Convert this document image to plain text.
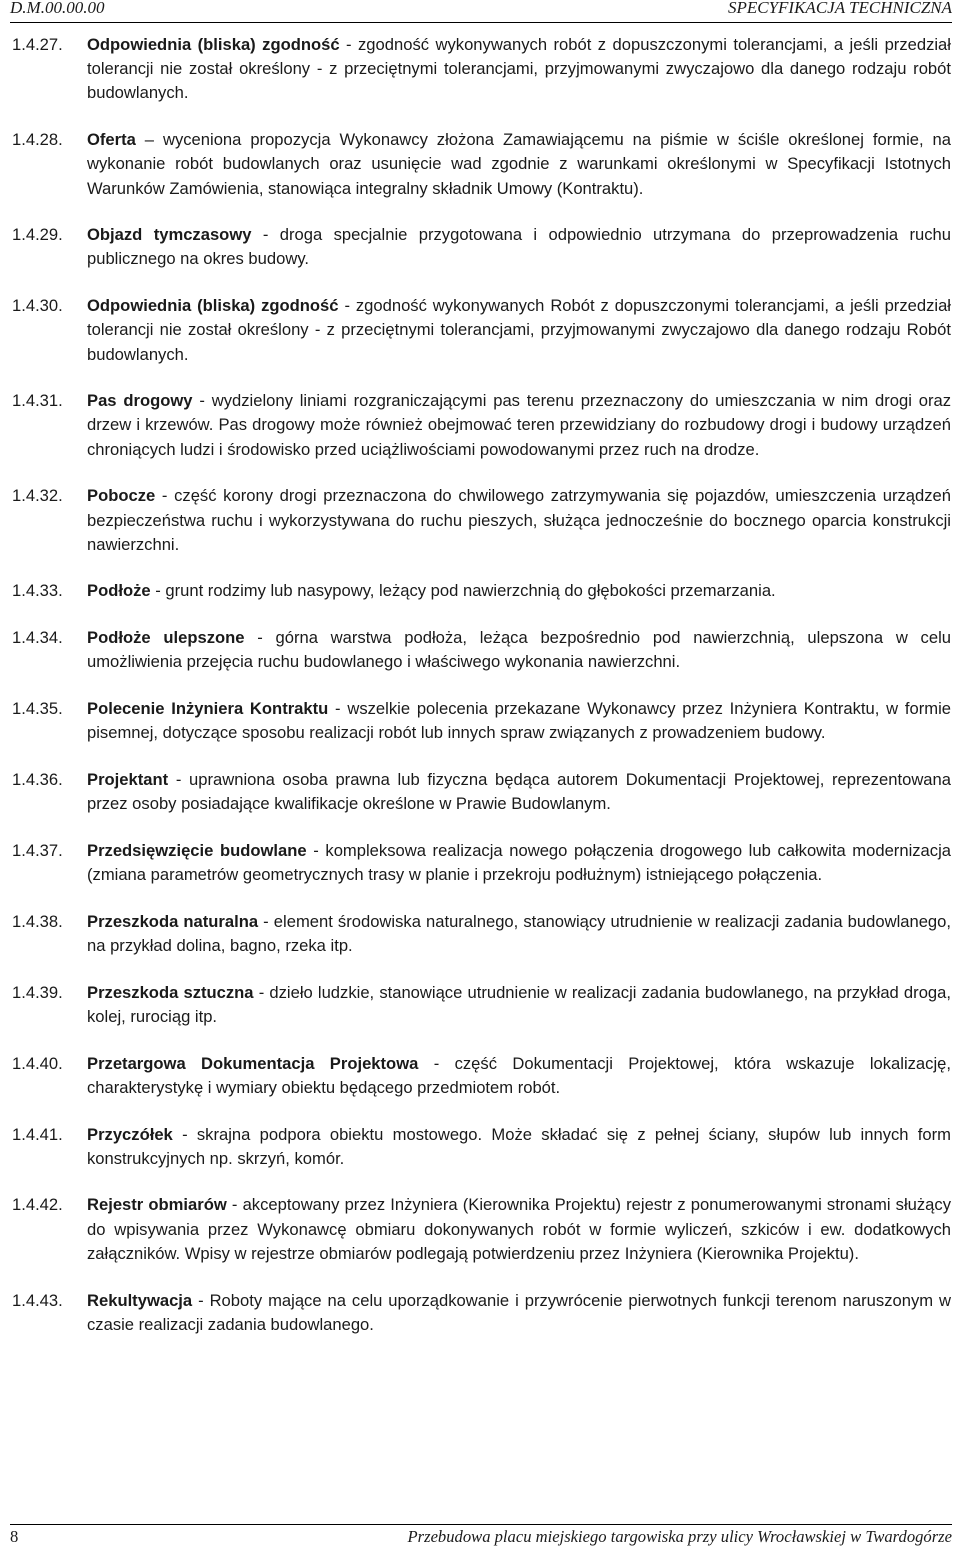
D.M.00.00.00	SPECYFIKACJA TECHNICZNA
1.4.27.	Odpowiednia (bliska) zgodność - zgodność wykonywanych robót z dopuszczonymi tolerancjami, a jeśli przedział tolerancji nie został określony - z przeciętnymi tolerancjami, przyjmowanymi zwyczajowo dla danego rodzaju robót budowlanych.
1.4.28.	Oferta – wyceniona propozycja Wykonawcy złożona Zamawiającemu na piśmie w ściśle określonej formie, na wykonanie robót budowlanych oraz usunięcie wad zgodnie z warunkami określonymi w Specyfikacji Istotnych Warunków Zamówienia, stanowiąca integralny składnik Umowy (Kontraktu).
1.4.29.	Objazd tymczasowy - droga specjalnie przygotowana i odpowiednio utrzymana do przeprowadzenia ruchu publicznego na okres budowy.
1.4.30.	Odpowiednia (bliska) zgodność - zgodność wykonywanych Robót z dopuszczonymi tolerancjami, a jeśli przedział tolerancji nie został określony - z przeciętnymi tolerancjami, przyjmowanymi zwyczajowo dla danego rodzaju Robót budowlanych.
1.4.31.	Pas drogowy - wydzielony liniami rozgraniczającymi pas terenu przeznaczony do umieszczania w nim drogi oraz drzew i krzewów. Pas drogowy może również obejmować teren przewidziany do rozbudowy drogi i budowy urządzeń chroniących ludzi i środowisko przed uciążliwościami powodowanymi przez ruch na drodze.
1.4.32.	Pobocze - część korony drogi przeznaczona do chwilowego zatrzymywania się pojazdów, umieszczenia urządzeń bezpieczeństwa ruchu i wykorzystywana do ruchu pieszych, służąca jednocześnie do bocznego oparcia konstrukcji nawierzchni.
1.4.33.	Podłoże - grunt rodzimy lub nasypowy, leżący pod nawierzchnią do głębokości przemarzania.
1.4.34.	Podłoże ulepszone - górna warstwa podłoża, leżąca bezpośrednio pod nawierzchnią, ulepszona w celu umożliwienia przejęcia ruchu budowlanego i właściwego wykonania nawierzchni.
1.4.35.	Polecenie Inżyniera Kontraktu - wszelkie polecenia przekazane Wykonawcy przez Inżyniera Kontraktu, w formie pisemnej, dotyczące sposobu realizacji robót lub innych spraw związanych z prowadzeniem budowy.
1.4.36.	Projektant - uprawniona osoba prawna lub fizyczna będąca autorem Dokumentacji Projektowej, reprezentowana przez osoby posiadające kwalifikacje określone w Prawie Budowlanym.
1.4.37.	Przedsięwzięcie budowlane - kompleksowa realizacja nowego połączenia drogowego lub całkowita modernizacja (zmiana parametrów geometrycznych trasy w planie i przekroju podłużnym) istniejącego połączenia.
1.4.38.	Przeszkoda naturalna - element środowiska naturalnego, stanowiący utrudnienie w realizacji zadania budowlanego, na przykład dolina, bagno, rzeka itp.
1.4.39.	Przeszkoda sztuczna - dzieło ludzkie, stanowiące utrudnienie w realizacji zadania budowlanego, na przykład droga, kolej, rurociąg itp.
1.4.40.	Przetargowa Dokumentacja Projektowa - część Dokumentacji Projektowej, która wskazuje lokalizację, charakterystykę i wymiary obiektu będącego przedmiotem robót.
1.4.41.	Przyczółek - skrajna podpora obiektu mostowego. Może składać się z pełnej ściany, słupów lub innych form konstrukcyjnych np. skrzyń, komór.
1.4.42.	Rejestr obmiarów - akceptowany przez Inżyniera (Kierownika Projektu) rejestr z ponumerowanymi stronami służący do wpisywania przez Wykonawcę obmiaru dokonywanych robót w formie wyliczeń, szkiców i ew. dodatkowych załączników. Wpisy w rejestrze obmiarów podlegają potwierdzeniu przez Inżyniera (Kierownika Projektu).
1.4.43.	Rekultywacja - Roboty mające na celu uporządkowanie i przywrócenie pierwotnych funkcji terenom naruszonym w czasie realizacji zadania budowlanego.
8	Przebudowa placu miejskiego targowiska przy ulicy Wrocławskiej w Twardogórze
